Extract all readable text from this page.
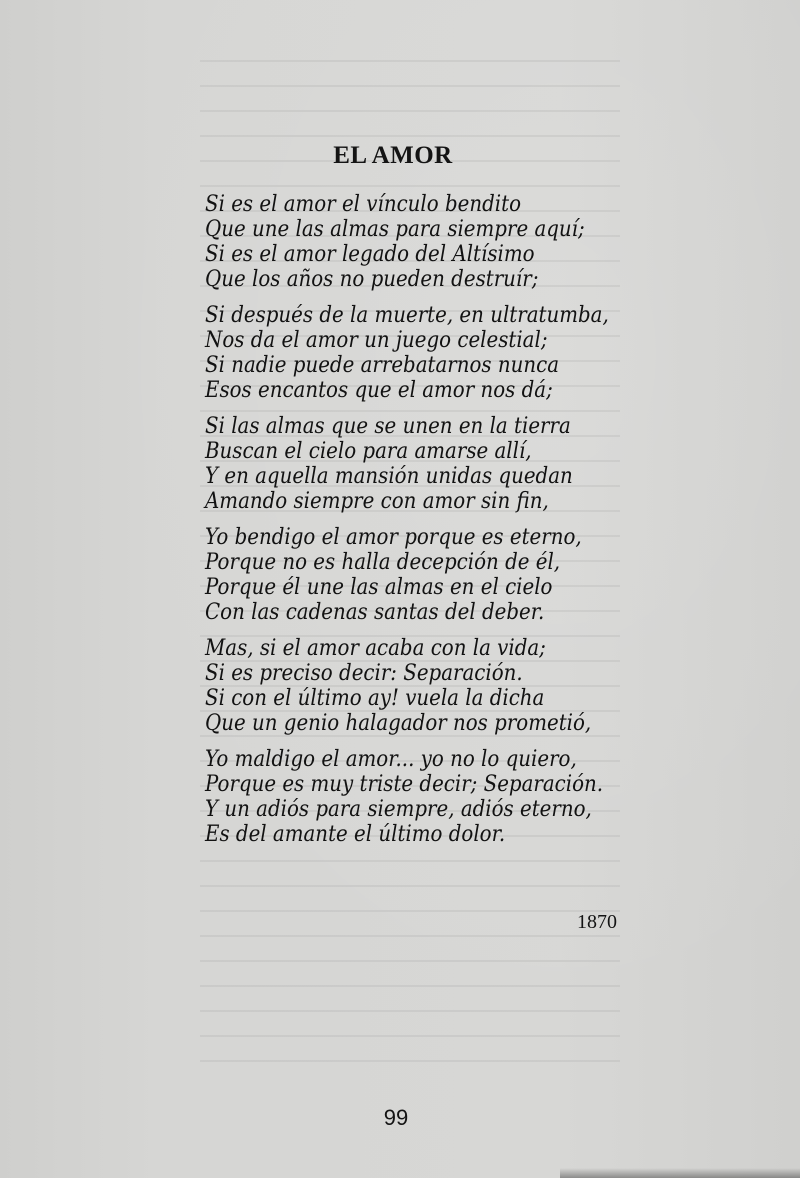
EL AMOR
Si es el amor el vínculo bendito
Que une las almas para siempre aquí;
Si es el amor legado del Altísimo
Que los años no pueden destruír;
Si después de la muerte, en ultratumba,
Nos da el amor un juego celestial;
Si nadie puede arrebatarnos nunca
Esos encantos que el amor nos dá;
Si las almas que se unen en la tierra
Buscan el cielo para amarse allí,
Y en aquella mansión unidas quedan
Amando siempre con amor sin fin,
Yo bendigo el amor porque es eterno,
Porque no es halla decepción de él,
Porque él une las almas en el cielo
Con las cadenas santas del deber.
Mas, si el amor acaba con la vida;
Si es preciso decir: Separación.
Si con el último ay! vuela la dicha
Que un genio halagador nos prometió,
Yo maldigo el amor... yo no lo quiero,
Porque es muy triste decir; Separación.
Y un adiós para siempre, adiós eterno,
Es del amante el último dolor.
1870
99
